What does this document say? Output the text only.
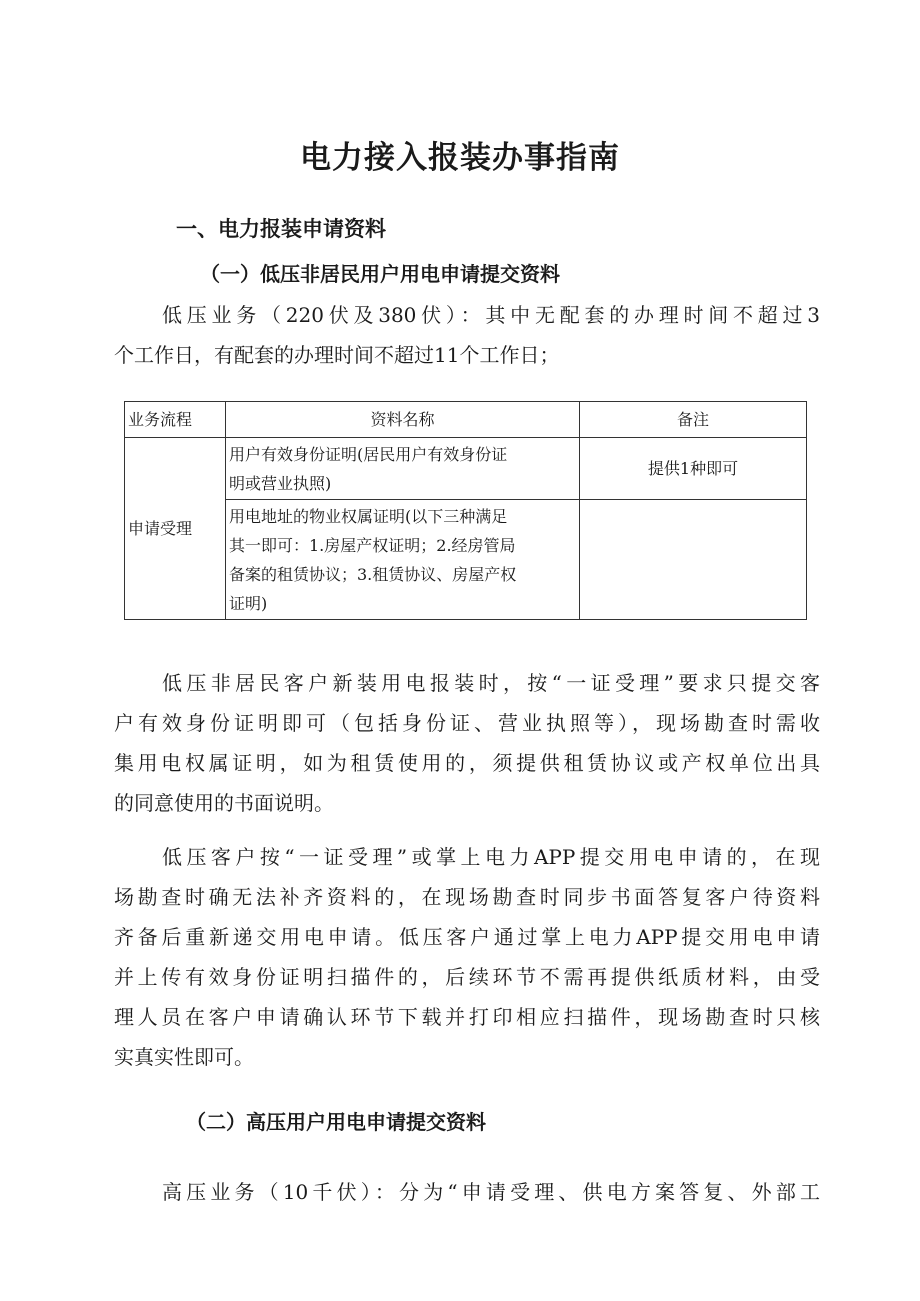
电力接入报装办事指南
一、电力报装申请资料
（一）低压非居民用户用电申请提交资料
低压业务（220伏及380伏）：其中无配套的办理时间不超过3
个工作日，有配套的办理时间不超过11个工作日；
业务流程	资料名称	备注
申请受理	用户有效身份证明(居民用户有效身份证
明或营业执照)	提供1种即可

	用电地址的物业权属证明(以下三种满足
其一即可：1.房屋产权证明；2.经房管局
备案的租赁协议；3.租赁协议、房屋产权
证明)	

低压非居民客户新装用电报装时，按“一证受理”要求只提交客
户有效身份证明即可（包括身份证、营业执照等），现场勘查时需收
集用电权属证明，如为租赁使用的，须提供租赁协议或产权单位出具
的同意使用的书面说明。
低压客户按“一证受理”或掌上电力APP提交用电申请的，在现
场勘查时确无法补齐资料的，在现场勘查时同步书面答复客户待资料
齐备后重新递交用电申请。低压客户通过掌上电力APP提交用电申请
并上传有效身份证明扫描件的，后续环节不需再提供纸质材料，由受
理人员在客户申请确认环节下载并打印相应扫描件，现场勘查时只核
实真实性即可。
（二）高压用户用电申请提交资料
高压业务（10千伏）：分为“申请受理、供电方案答复、外部工
